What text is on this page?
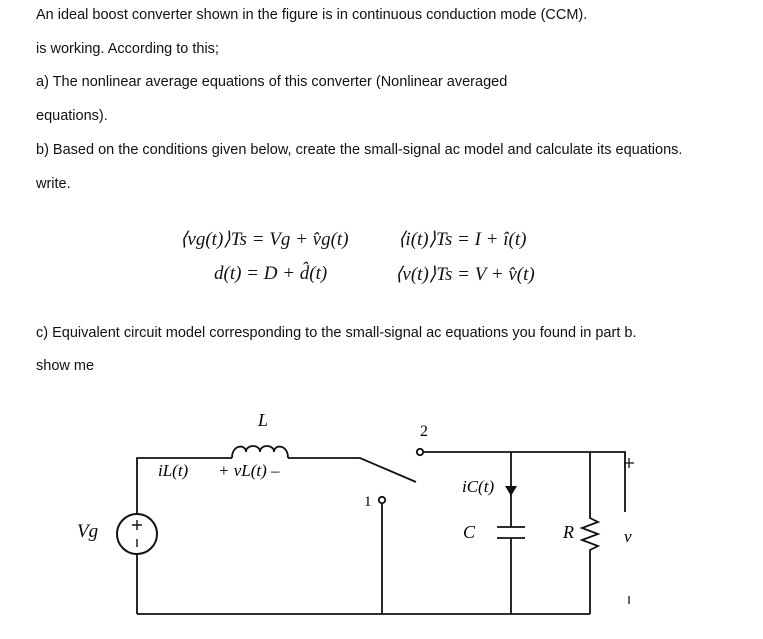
An ideal boost converter shown in the figure is in continuous conduction mode (CCM).
is working. According to this;
a) The nonlinear average equations of this converter (Nonlinear averaged
equations).
b) Based on the conditions given below, create the small-signal ac model and calculate its equations.
write.
⟨vg(t)⟩Ts = Vg + v̂g(t)
d(t) = D + d̂(t)
⟨i(t)⟩Ts = I + î(t)
⟨v(t)⟩Ts = V + v̂(t)
c) Equivalent circuit model corresponding to the small-signal ac equations you found in part b.
show me
L
iL(t) + vL(t) –
1
2
iC(t)
C	R
Vg	v
